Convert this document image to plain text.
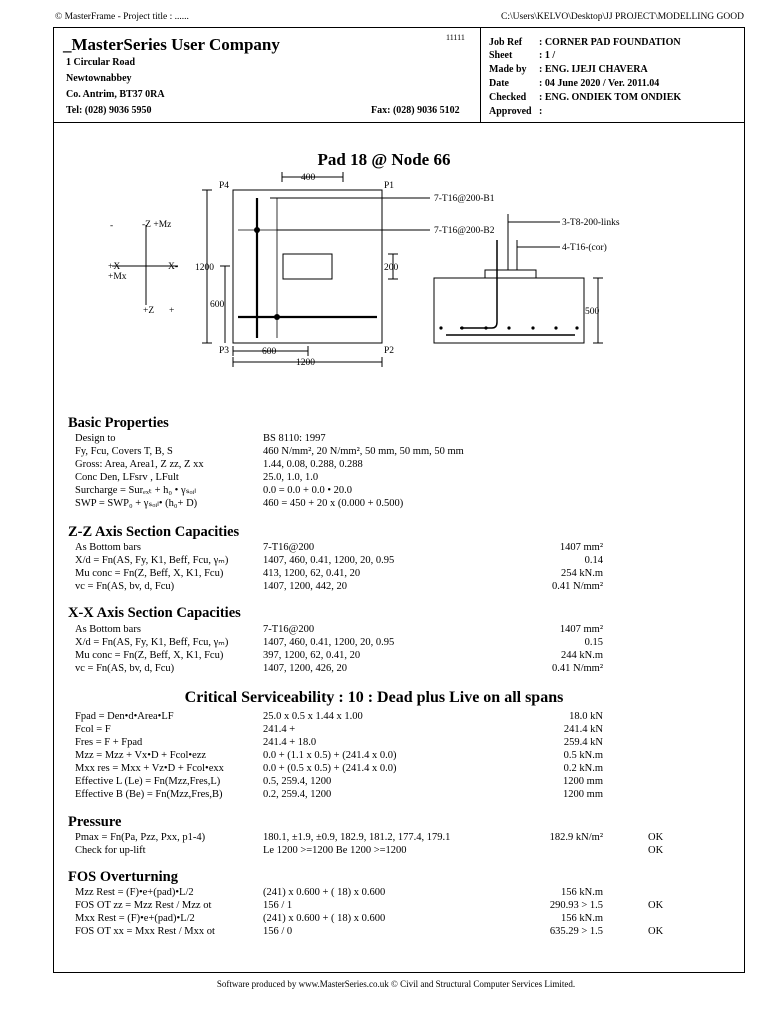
© MasterFrame - Project title : ......	C:\Users\KELVO\Desktop\JJ PROJECT\MODELLING GOOD
_MasterSeries User Company	11111
1 Circular Road
Newtownabbey
Co. Antrim, BT37 0RA
Tel: (028) 9036 5950	Fax: (028) 9036 5102
Job Ref : CORNER PAD FOUNDATION
Sheet	: 1 /
Made by : ENG. IJEJI CHAVERA
Date	: 04 June 2020 / Ver. 2011.04
Checked : ENG. ONDIEK TOM ONDIEK
Approved :
Pad 18 @ Node 66
400
P4	P1
P3	P2
1200
600
200
600
1200
7-T16@200-B1
7-T16@200-B2
3-T8-200-links
4-T16-(cor)
500
-	-Z +Mz
+X
+Mx
X-
+Z +
Basic Properties
Design to	BS 8110: 1997
Fy, Fcu, Covers T, B, S	460 N/mm², 20 N/mm², 50 mm, 50 mm, 50 mm
Gross: Area, Area1, Z zz, Z xx	1.44, 0.08, 0.288, 0.288
Conc Den, LFsrv , LFult	25.0, 1.0, 1.0
Surcharge = Surₑₓₜ + h₀ • γₛₒᵢₗ	0.0 = 0.0 + 0.0 • 20.0
SWP = SWP₀ + γₛₒᵢₗ• (h₀+ D)	460 = 450 + 20 x (0.000 + 0.500)
Z-Z Axis Section Capacities
As Bottom bars	7-T16@200	1407 mm²
X/d = Fn(AS, Fy, K1, Beff, Fcu, γₘ)	1407, 460, 0.41, 1200, 20, 0.95	0.14
Mu conc = Fn(Z, Beff, X, K1, Fcu)	413, 1200, 62, 0.41, 20	254 kN.m
vc = Fn(AS, bv, d, Fcu)	1407, 1200, 442, 20	0.41 N/mm²
X-X Axis Section Capacities
As Bottom bars	7-T16@200	1407 mm²
X/d = Fn(AS, Fy, K1, Beff, Fcu, γₘ)	1407, 460, 0.41, 1200, 20, 0.95	0.15
Mu conc = Fn(Z, Beff, X, K1, Fcu)	397, 1200, 62, 0.41, 20	244 kN.m
vc = Fn(AS, bv, d, Fcu)	1407, 1200, 426, 20	0.41 N/mm²
Critical Serviceability : 10 : Dead plus Live on all spans
Fpad = Den•d•Area•LF	25.0 x 0.5 x 1.44 x 1.00	18.0 kN
Fcol = F	241.4 +	241.4 kN
Fres = F + Fpad	241.4 + 18.0	259.4 kN
Mzz = Mzz + Vx•D + Fcol•ezz	0.0 + (1.1 x 0.5) + (241.4 x 0.0)	0.5 kN.m
Mxx res = Mxx + Vz•D + Fcol•exx	0.0 + (0.5 x 0.5) + (241.4 x 0.0)	0.2 kN.m
Effective L (Le) = Fn(Mzz,Fres,L)	0.5, 259.4, 1200	1200 mm
Effective B (Be) = Fn(Mzz,Fres,B)	0.2, 259.4, 1200	1200 mm
Pressure
Pmax = Fn(Pa, Pzz, Pxx, p1-4)	180.1, ±1.9, ±0.9, 182.9, 181.2, 177.4, 179.1	182.9 kN/m²	OK
Check for up-lift	Le 1200 >=1200 Be 1200 >=1200	OK
FOS Overturning
Mzz Rest = (F)•e+(pad)•L/2	(241) x 0.600 + ( 18) x 0.600	156 kN.m
FOS OT zz = Mzz Rest / Mzz ot	156 / 1	290.93 > 1.5	OK
Mxx Rest = (F)•e+(pad)•L/2	(241) x 0.600 + ( 18) x 0.600	156 kN.m
FOS OT xx = Mxx Rest / Mxx ot	156 / 0	635.29 > 1.5	OK
Software produced by www.MasterSeries.co.uk © Civil and Structural Computer Services Limited.
